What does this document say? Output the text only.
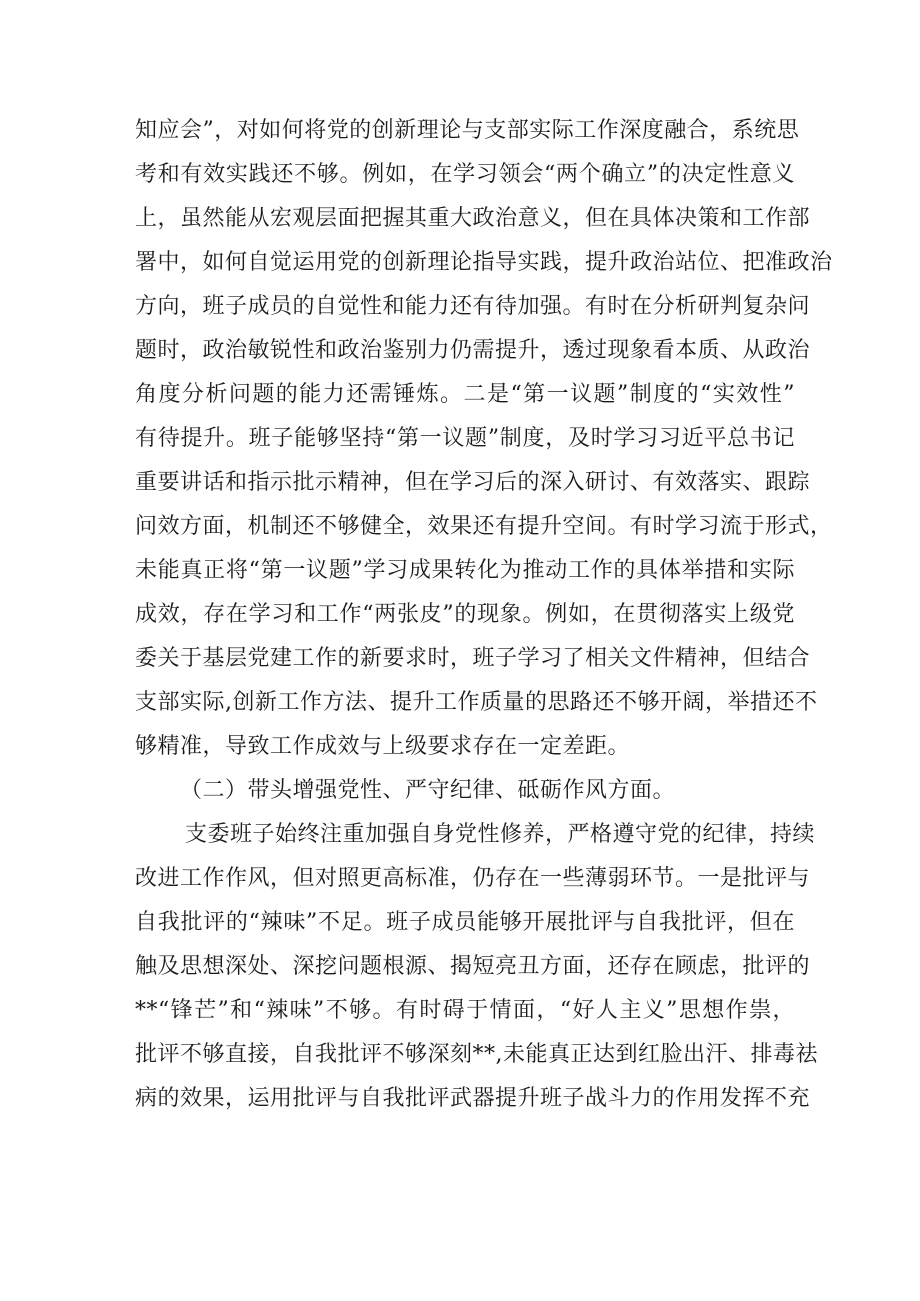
知应会”，对如何将党的创新理论与支部实际工作深度融合，系统思
考和有效实践还不够。例如，在学习领会“两个确立”的决定性意义
上，虽然能从宏观层面把握其重大政治意义，但在具体决策和工作部
署中，如何自觉运用党的创新理论指导实践，提升政治站位、把准政治
方向，班子成员的自觉性和能力还有待加强。有时在分析研判复杂问
题时，政治敏锐性和政治鉴别力仍需提升，透过现象看本质、从政治
角度分析问题的能力还需锤炼。二是“第一议题”制度的“实效性”
有待提升。班子能够坚持“第一议题”制度，及时学习习近平总书记
重要讲话和指示批示精神，但在学习后的深入研讨、有效落实、跟踪
问效方面，机制还不够健全，效果还有提升空间。有时学习流于形式，
未能真正将“第一议题”学习成果转化为推动工作的具体举措和实际
成效，存在学习和工作“两张皮”的现象。例如，在贯彻落实上级党
委关于基层党建工作的新要求时，班子学习了相关文件精神，但结合
支部实际,创新工作方法、提升工作质量的思路还不够开阔，举措还不
够精准，导致工作成效与上级要求存在一定差距。
（二）带头增强党性、严守纪律、砥砺作风方面。
支委班子始终注重加强自身党性修养，严格遵守党的纪律，持续
改进工作作风，但对照更高标准，仍存在一些薄弱环节。一是批评与
自我批评的“辣味”不足。班子成员能够开展批评与自我批评，但在
触及思想深处、深挖问题根源、揭短亮丑方面，还存在顾虑，批评的
**“锋芒”和“辣味”不够。有时碍于情面，“好人主义”思想作祟，
批评不够直接，自我批评不够深刻**,未能真正达到红脸出汗、排毒祛
病的效果，运用批评与自我批评武器提升班子战斗力的作用发挥不充
